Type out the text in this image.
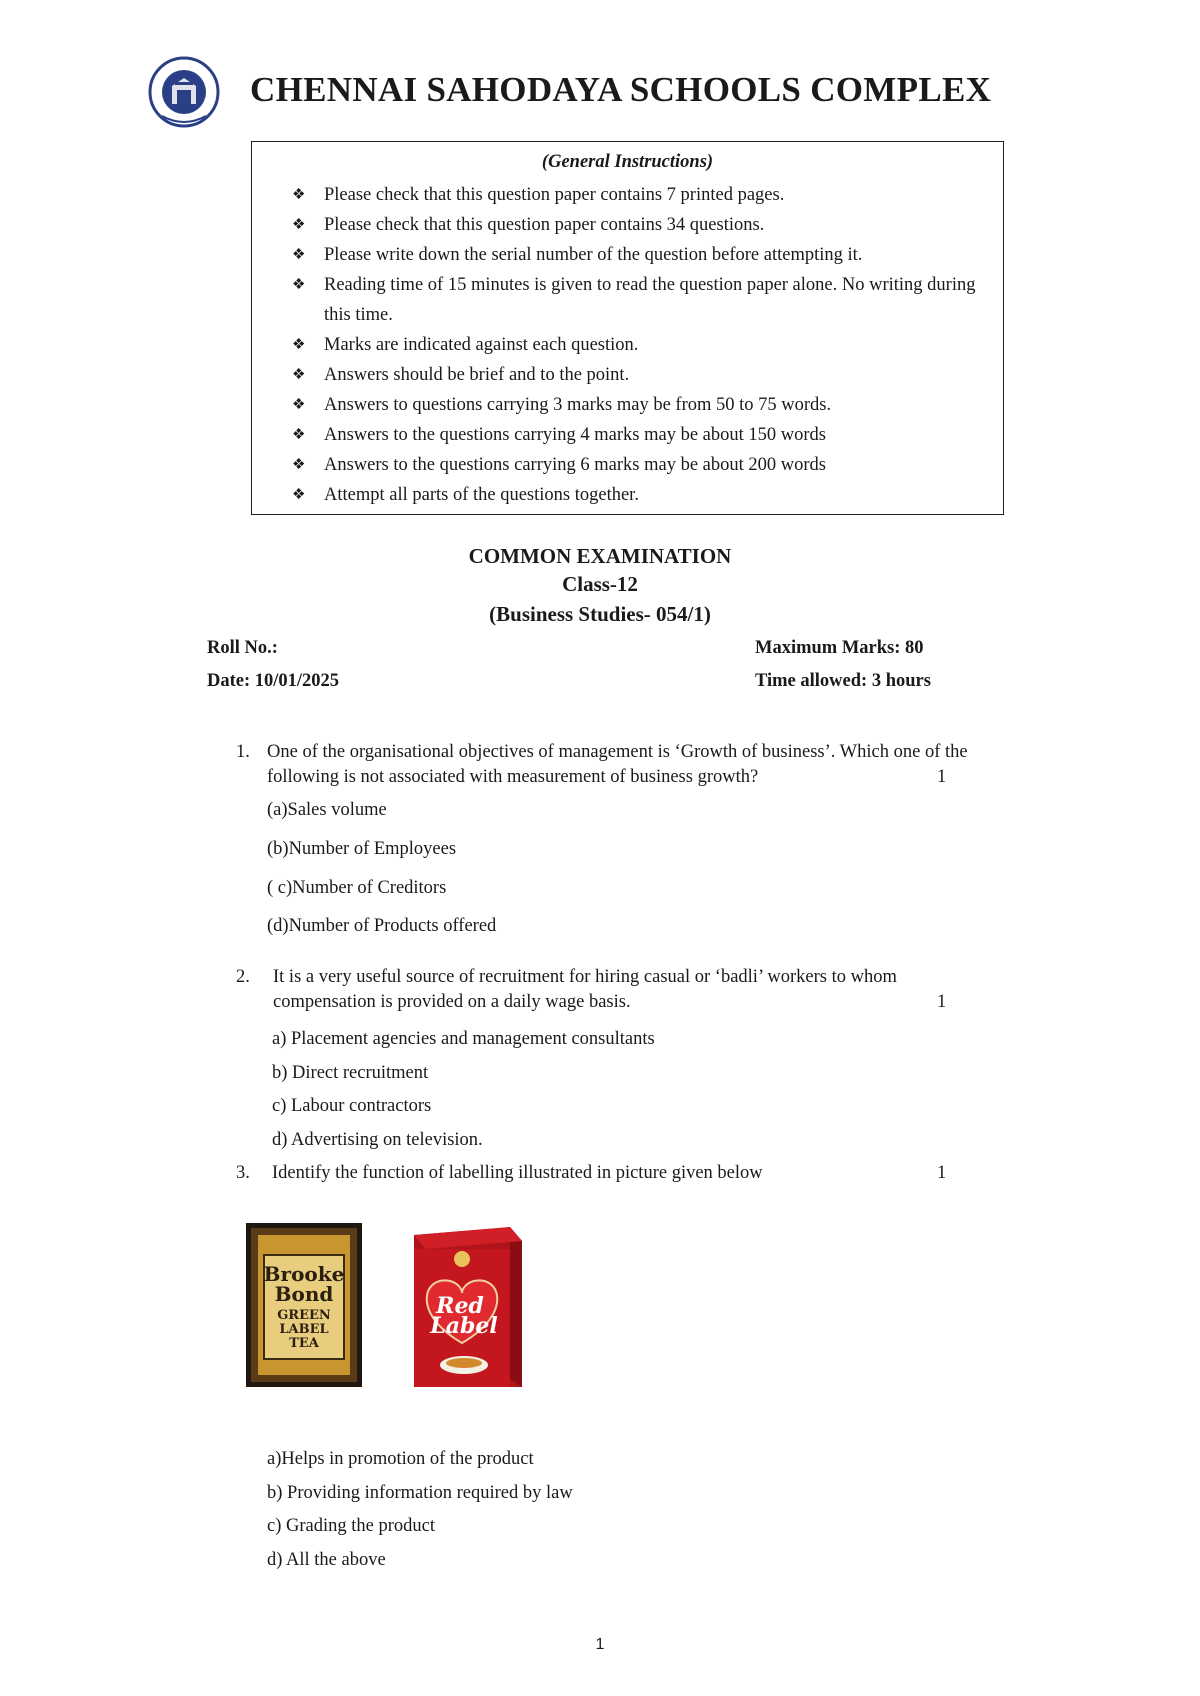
CHENNAI SAHODAYA SCHOOLS COMPLEX
(General Instructions)
❖ Please check that this question paper contains 7 printed pages.
❖ Please check that this question paper contains 34 questions.
❖ Please write down the serial number of the question before attempting it.
❖ Reading time of 15 minutes is given to read the question paper alone. No writing during this time.
❖ Marks are indicated against each question.
❖ Answers should be brief and to the point.
❖ Answers to questions carrying 3 marks may be from 50 to 75 words.
❖ Answers to the questions carrying 4 marks may be about 150 words
❖ Answers to the questions carrying 6 marks may be about 200 words
❖ Attempt all parts of the questions together.
COMMON EXAMINATION
Class-12
(Business Studies- 054/1)
Roll No.:
Date: 10/01/2025
Maximum Marks: 80
Time allowed: 3 hours
1. One of the organisational objectives of management is ‘Growth of business’. Which one of the following is not associated with measurement of business growth?	1
(a)Sales volume
(b)Number of Employees
( c)Number of Creditors
(d)Number of Products offered
2.	It is a very useful source of recruitment for hiring casual or ‘badli’ workers to whom compensation is provided on a daily wage basis.	1
a) Placement agencies and management consultants
b) Direct recruitment
c) Labour contractors
d) Advertising on television.
3.	Identify the function of labelling illustrated in picture given below	1
Brooke
Bond
GREEN
LABEL
TEA
Red
Label
a)Helps in promotion of the product
b) Providing information required by law
c) Grading the product
d) All the above
1
